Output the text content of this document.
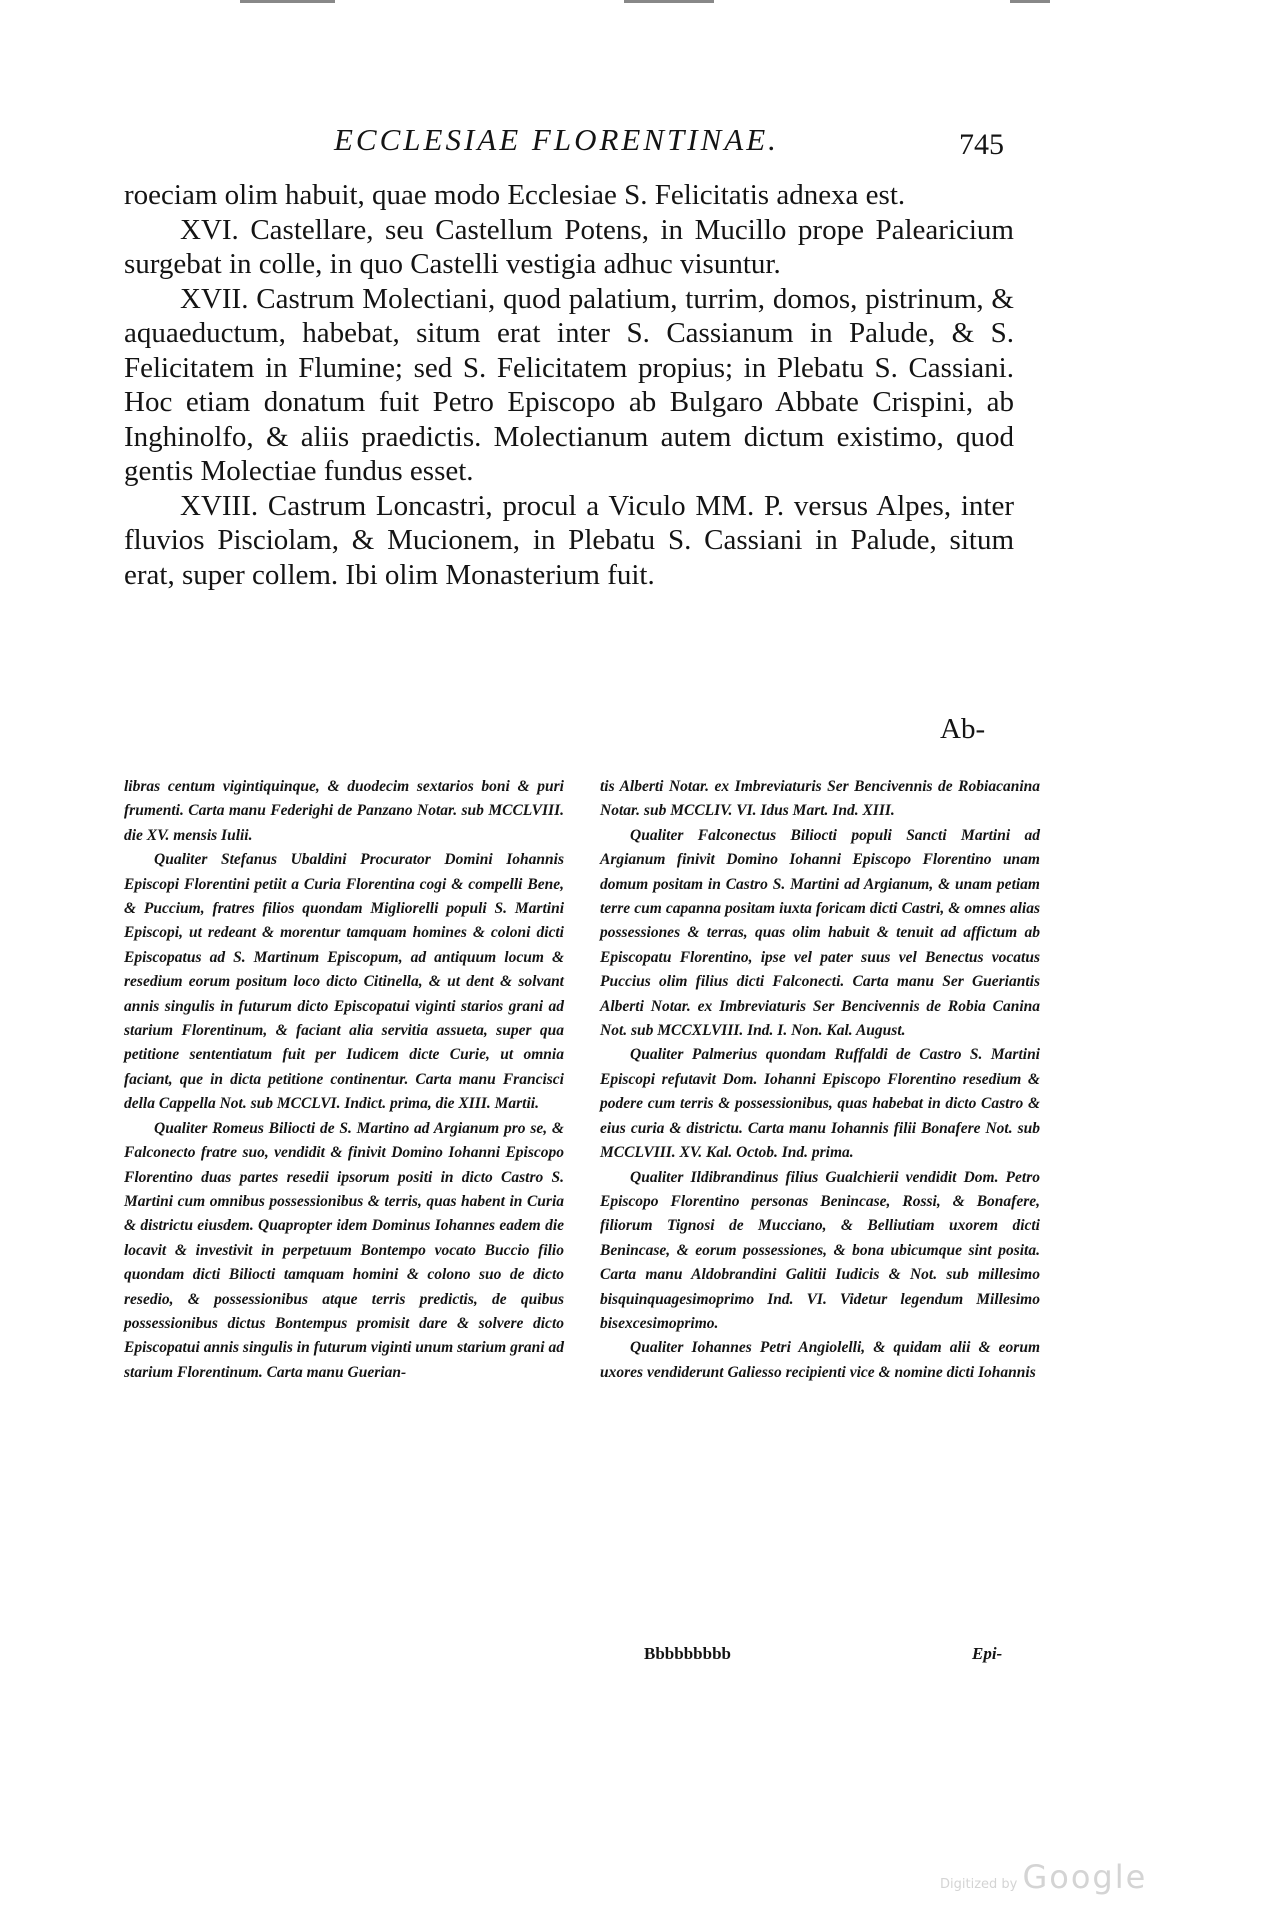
ECCLESIAE FLORENTINAE.	745

roeciam olim habuit, quae modo Ecclesiae S. Felicitatis adnexa est.

XVI. Castellare, seu Castellum Potens, in Mucillo prope Palearicium surgebat in colle, in quo Castelli vestigia adhuc visuntur.

XVII. Castrum Molectiani, quod palatium, turrim, domos, pistrinum, & aquaeductum, habebat, situm erat inter S. Cassianum in Palude, & S. Felicitatem in Flumine; sed S. Felicitatem propius; in Plebatu S. Cassiani. Hoc etiam donatum fuit Petro Episcopo ab Bulgaro Abbate Crispini, ab Inghinolfo, & aliis praedictis. Molectianum autem dictum existimo, quod gentis Molectiae fundus esset.

XVIII. Castrum Loncastri, procul a Viculo MM. P. versus Alpes, inter fluvios Pisciolam, & Mucionem, in Plebatu S. Cassiani in Palude, situm erat, super collem. Ibi olim Monasterium fuit.

Ab-

libras centum vigintiquinque, & duodecim sextarios boni & puri frumenti. Carta manu Federighi de Panzano Notar. sub MCCLVIII. die XV. mensis Iulii.

Qualiter Stefanus Ubaldini Procurator Domini Iohannis Episcopi Florentini petiit a Curia Florentina cogi & compelli Bene, & Puccium, fratres filios quondam Migliorelli populi S. Martini Episcopi, ut redeant & morentur tamquam homines & coloni dicti Episcopatus ad S. Martinum Episcopum, ad antiquum locum & resedium eorum positum loco dicto Citinella, & ut dent & solvant annis singulis in futurum dicto Episcopatui viginti starios grani ad starium Florentinum, & faciant alia servitia assueta, super qua petitione sententiatum fuit per Iudicem dicte Curie, ut omnia faciant, que in dicta petitione continentur. Carta manu Francisci della Cappella Not. sub MCCLVI. Indict. prima, die XIII. Martii.

Qualiter Romeus Biliocti de S. Martino ad Argianum pro se, & Falconecto fratre suo, vendidit & finivit Domino Iohanni Episcopo Florentino duas partes resedii ipsorum positi in dicto Castro S. Martini cum omnibus possessionibus & terris, quas habent in Curia & districtu eiusdem. Quapropter idem Dominus Iohannes eadem die locavit & investivit in perpetuum Bontempo vocato Buccio filio quondam dicti Biliocti tamquam homini & colono suo de dicto resedio, & possessionibus atque terris predictis, de quibus possessionibus dictus Bontempus promisit dare & solvere dicto Episcopatui annis singulis in futurum viginti unum starium grani ad starium Florentinum. Carta manu Guerian-

tis Alberti Notar. ex Imbreviaturis Ser Bencivennis de Robiacanina Notar. sub MCCLIV. VI. Idus Mart. Ind. XIII.

Qualiter Falconectus Biliocti populi Sancti Martini ad Argianum finivit Domino Iohanni Episcopo Florentino unam domum positam in Castro S. Martini ad Argianum, & unam petiam terre cum capanna positam iuxta foricam dicti Castri, & omnes alias possessiones & terras, quas olim habuit & tenuit ad affictum ab Episcopatu Florentino, ipse vel pater suus vel Benectus vocatus Puccius olim filius dicti Falconecti. Carta manu Ser Gueriantis Alberti Notar. ex Imbreviaturis Ser Bencivennis de Robia Canina Not. sub MCCXLVIII. Ind. I. Non. Kal. August.

Qualiter Palmerius quondam Ruffaldi de Castro S. Martini Episcopi refutavit Dom. Iohanni Episcopo Florentino resedium & podere cum terris & possessionibus, quas habebat in dicto Castro & eius curia & districtu. Carta manu Iohannis filii Bonafere Not. sub MCCLVIII. XV. Kal. Octob. Ind. prima.

Qualiter Ildibrandinus filius Gualchierii vendidit Dom. Petro Episcopo Florentino personas Benincase, Rossi, & Bonafere, filiorum Tignosi de Mucciano, & Belliutiam uxorem dicti Benincase, & eorum possessiones, & bona ubicumque sint posita. Carta manu Aldobrandini Galitii Iudicis & Not. sub millesimo bisquinquagesimoprimo Ind. VI. Videtur legendum Millesimo bisexcesimoprimo.

Qualiter Iohannes Petri Angiolelli, & quidam alii & eorum uxores vendiderunt Galiesso recipienti vice & nomine dicti Iohannis

Bbbbbbbbb	Epi-
Digitized by Google
